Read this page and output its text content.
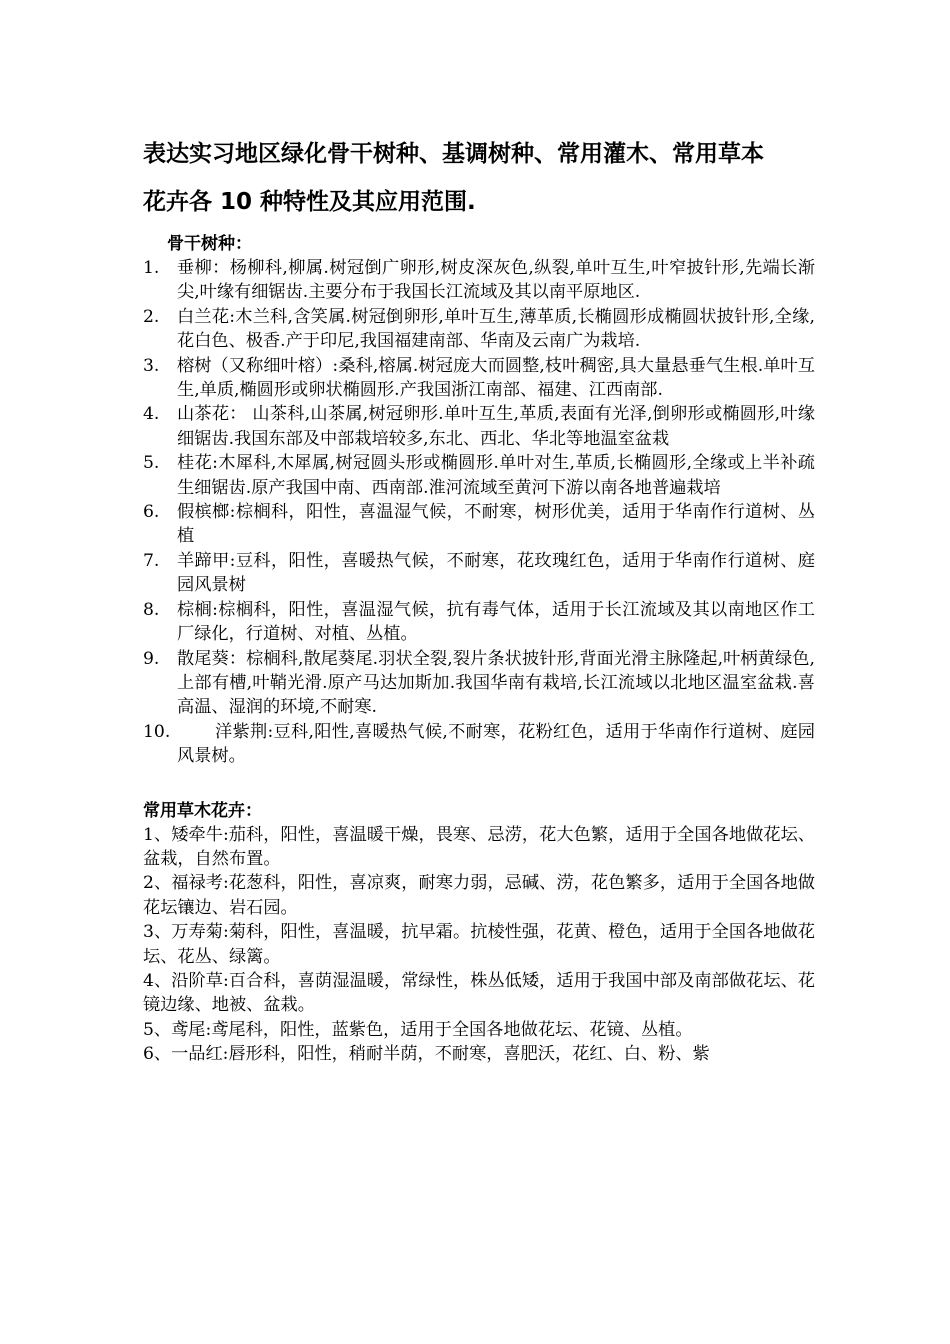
表达实习地区绿化骨干树种、基调树种、常用灌木、常用草本
花卉各 10 种特性及其应用范围.
骨干树种：
1. 垂柳：杨柳科,柳属.树冠倒广卵形,树皮深灰色,纵裂,单叶互生,叶窄披针形,先端长渐尖,叶缘有细锯齿.主要分布于我国长江流域及其以南平原地区.
2. 白兰花:木兰科,含笑属.树冠倒卵形,单叶互生,薄革质,长椭圆形成椭圆状披针形,全缘,花白色、极香.产于印尼,我国福建南部、华南及云南广为栽培.
3. 榕树（又称细叶榕）:桑科,榕属.树冠庞大而圆整,枝叶稠密,具大量悬垂气生根.单叶互生,单质,椭圆形或卵状椭圆形.产我国浙江南部、福建、江西南部.
4. 山茶花： 山茶科,山茶属,树冠卵形.单叶互生,革质,表面有光泽,倒卵形或椭圆形,叶缘细锯齿.我国东部及中部栽培较多,东北、西北、华北等地温室盆栽
5. 桂花:木犀科,木犀属,树冠圆头形或椭圆形.单叶对生,革质,长椭圆形,全缘或上半补疏生细锯齿.原产我国中南、西南部.淮河流域至黄河下游以南各地普遍栽培
6. 假槟榔:棕榈科，阳性，喜温湿气候，不耐寒，树形优美，适用于华南作行道树、丛植
7. 羊蹄甲:豆科，阳性，喜暖热气候，不耐寒，花玫瑰红色，适用于华南作行道树、庭园风景树
8. 棕榈:棕榈科，阳性，喜温湿气候，抗有毒气体，适用于长江流域及其以南地区作工厂绿化，行道树、对植、丛植。
9. 散尾葵：棕榈科,散尾葵尾.羽状全裂,裂片条状披针形,背面光滑主脉隆起,叶柄黄绿色,上部有槽,叶鞘光滑.原产马达加斯加.我国华南有栽培,长江流域以北地区温室盆栽.喜高温、湿润的环境,不耐寒.
10.	洋紫荆:豆科,阳性,喜暖热气候,不耐寒，花粉红色，适用于华南作行道树、庭园风景树。
常用草木花卉：
1、矮牵牛:茄科，阳性，喜温暖干燥，畏寒、忌涝，花大色繁，适用于全国各地做花坛、盆栽，自然布置。
2、福禄考:花葱科，阳性，喜凉爽，耐寒力弱，忌碱、涝，花色繁多，适用于全国各地做花坛镶边、岩石园。
3、万寿菊:菊科，阳性，喜温暖，抗早霜。抗棱性强，花黄、橙色，适用于全国各地做花坛、花丛、绿篱。
4、沿阶草:百合科，喜荫湿温暖，常绿性，株丛低矮，适用于我国中部及南部做花坛、花镜边缘、地被、盆栽。
5、鸢尾:鸢尾科，阳性，蓝紫色，适用于全国各地做花坛、花镜、丛植。
6、一品红:唇形科，阳性，稍耐半荫，不耐寒，喜肥沃，花红、白、粉、紫
